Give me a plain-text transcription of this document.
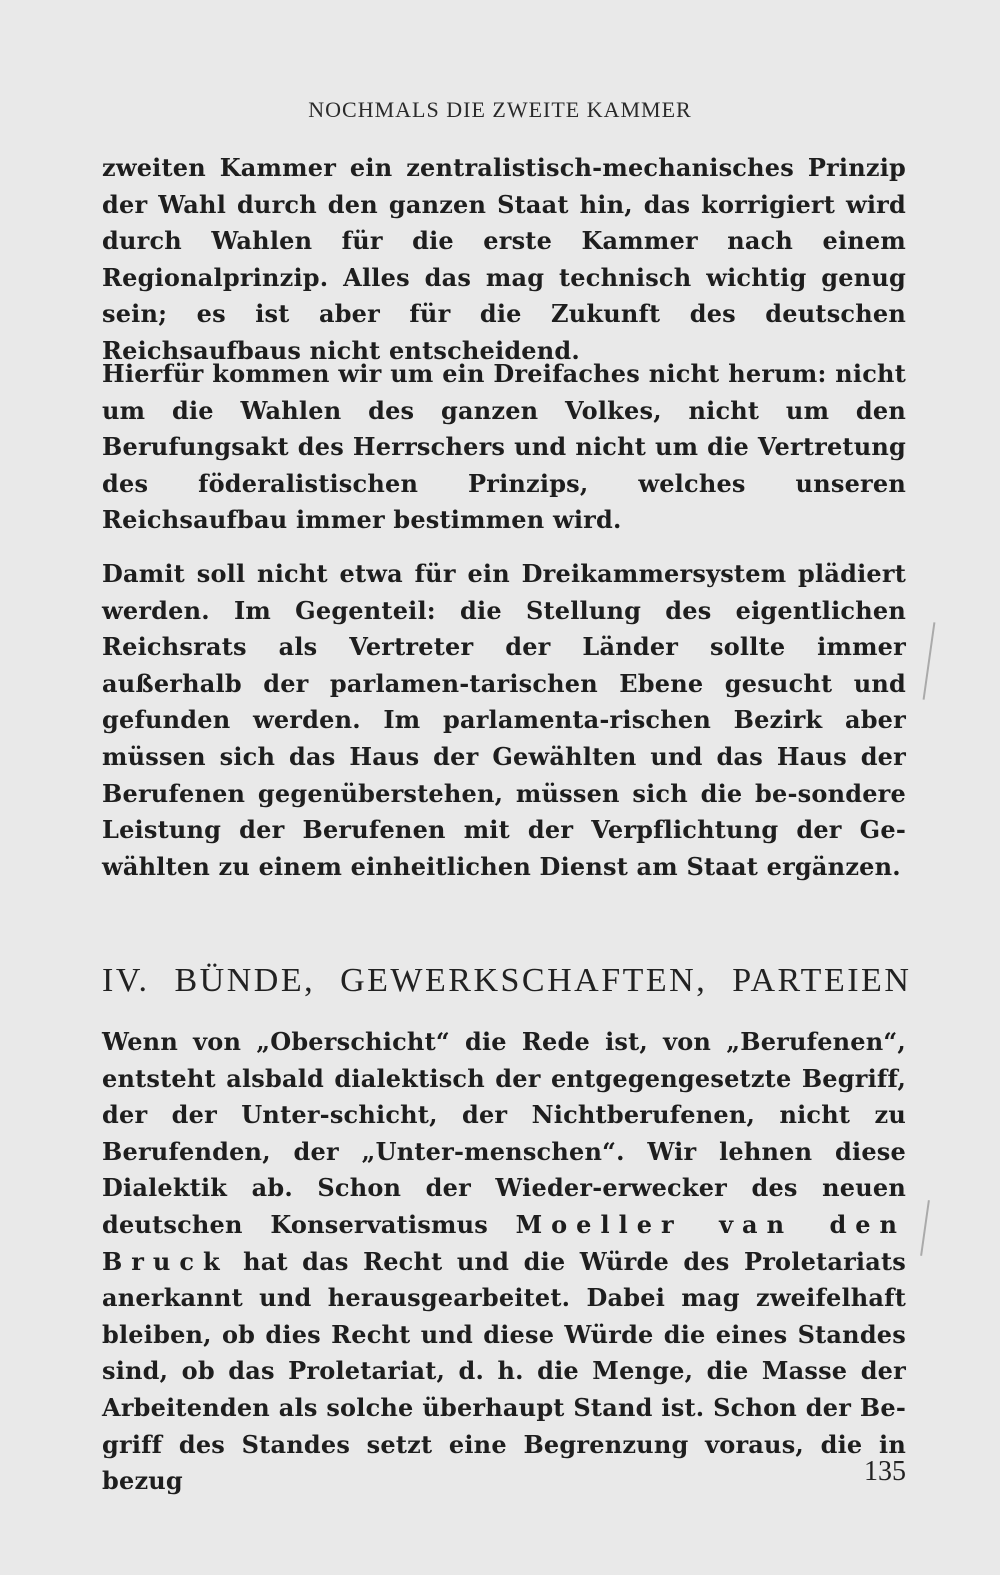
NOCHMALS DIE ZWEITE KAMMER

zweiten Kammer ein zentralistisch-mechanisches Prinzip der Wahl durch den ganzen Staat hin, das korrigiert wird durch Wahlen für die erste Kammer nach einem Regionalprinzip. Alles das mag technisch wichtig genug sein; es ist aber für die Zukunft des deutschen Reichsaufbaus nicht entscheidend.

Hierfür kommen wir um ein Dreifaches nicht herum: nicht um die Wahlen des ganzen Volkes, nicht um den Berufungsakt des Herrschers und nicht um die Vertretung des föderalistischen Prinzips, welches unseren Reichsaufbau immer bestimmen wird.

Damit soll nicht etwa für ein Dreikammersystem plädiert werden. Im Gegenteil: die Stellung des eigentlichen Reichsrats als Vertreter der Länder sollte immer außerhalb der parlamen-tarischen Ebene gesucht und gefunden werden. Im parlamenta-rischen Bezirk aber müssen sich das Haus der Gewählten und das Haus der Berufenen gegenüberstehen, müssen sich die be-sondere Leistung der Berufenen mit der Verpflichtung der Ge-wählten zu einem einheitlichen Dienst am Staat ergänzen.

IV. BÜNDE, GEWERKSCHAFTEN, PARTEIEN

Wenn von „Oberschicht“ die Rede ist, von „Berufenen“, entsteht alsbald dialektisch der entgegengesetzte Begriff, der der Unter-schicht, der Nichtberufenen, nicht zu Berufenden, der „Unter-menschen“. Wir lehnen diese Dialektik ab. Schon der Wieder-erwecker des neuen deutschen Konservatismus Moeller van den Bruck hat das Recht und die Würde des Proletariats anerkannt und herausgearbeitet. Dabei mag zweifelhaft bleiben, ob dies Recht und diese Würde die eines Standes sind, ob das Proletariat, d. h. die Menge, die Masse der Arbeitenden als solche überhaupt Stand ist. Schon der Be-griff des Standes setzt eine Begrenzung voraus, die in bezug	135
